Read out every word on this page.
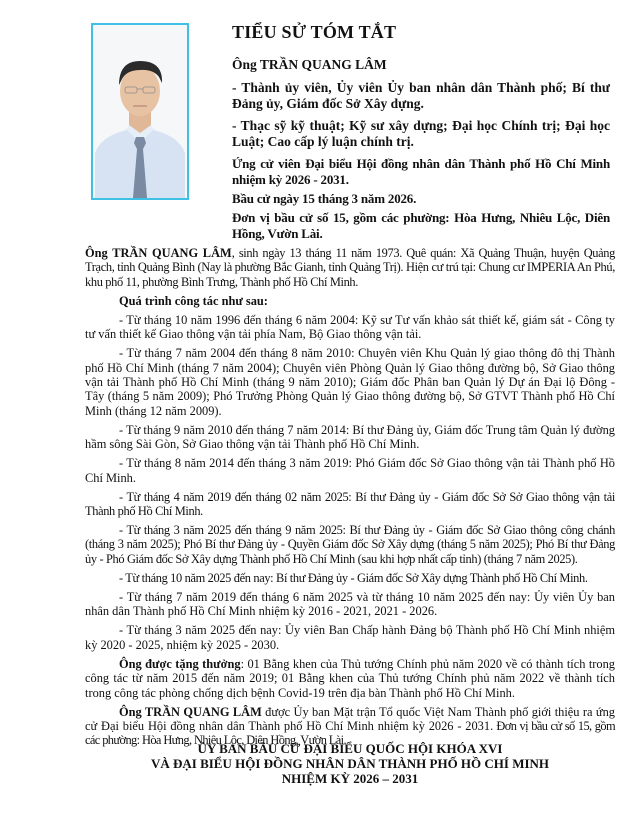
TIỂU SỬ TÓM TẮT
Ông TRẦN QUANG LÂM
- Thành ủy viên, Ủy viên Ủy ban nhân dân Thành phố; Bí thư Đảng ủy, Giám đốc Sở Xây dựng.
- Thạc sỹ kỹ thuật; Kỹ sư xây dựng; Đại học Chính trị; Đại học Luật; Cao cấp lý luận chính trị.
Ứng cử viên Đại biểu Hội đồng nhân dân Thành phố Hồ Chí Minh nhiệm kỳ 2026 - 2031.
Bầu cử ngày 15 tháng 3 năm 2026.
Đơn vị bầu cử số 15, gồm các phường: Hòa Hưng, Nhiêu Lộc, Diên Hồng, Vườn Lài.

Ông TRẦN QUANG LÂM, sinh ngày 13 tháng 11 năm 1973. Quê quán: Xã Quảng Thuận, huyện Quảng Trạch, tỉnh Quảng Bình (Nay là phường Bắc Gianh, tỉnh Quảng Trị). Hiện cư trú tại: Chung cư IMPERIA An Phú, khu phố 11, phường Bình Trưng, Thành phố Hồ Chí Minh.

Quá trình công tác như sau:

- Từ tháng 10 năm 1996 đến tháng 6 năm 2004: Kỹ sư Tư vấn khảo sát thiết kế, giám sát - Công ty tư vấn thiết kế Giao thông vận tải phía Nam, Bộ Giao thông vận tải.

- Từ tháng 7 năm 2004 đến tháng 8 năm 2010: Chuyên viên Khu Quản lý giao thông đô thị Thành phố Hồ Chí Minh (tháng 7 năm 2004); Chuyên viên Phòng Quản lý Giao thông đường bộ, Sở Giao thông vận tải Thành phố Hồ Chí Minh (tháng 9 năm 2010); Giám đốc Phân ban Quản lý Dự án Đại lộ Đông - Tây (tháng 5 năm 2009); Phó Trưởng Phòng Quản lý Giao thông đường bộ, Sở GTVT Thành phố Hồ Chí Minh (tháng 12 năm 2009).

- Từ tháng 9 năm 2010 đến tháng 7 năm 2014: Bí thư Đảng ủy, Giám đốc Trung tâm Quản lý đường hầm sông Sài Gòn, Sở Giao thông vận tải Thành phố Hồ Chí Minh.

- Từ tháng 8 năm 2014 đến tháng 3 năm 2019: Phó Giám đốc Sở Giao thông vận tải Thành phố Hồ Chí Minh.

- Từ tháng 4 năm 2019 đến tháng 02 năm 2025: Bí thư Đảng ủy - Giám đốc Sở Sở Giao thông vận tải Thành phố Hồ Chí Minh.

- Từ tháng 3 năm 2025 đến tháng 9 năm 2025: Bí thư Đảng ủy - Giám đốc Sở Giao thông công chánh (tháng 3 năm 2025); Phó Bí thư Đảng ủy - Quyền Giám đốc Sở Xây dựng (tháng 5 năm 2025); Phó Bí thư Đảng ủy - Phó Giám đốc Sở Xây dựng Thành phố Hồ Chí Minh (sau khi hợp nhất cấp tỉnh) (tháng 7 năm 2025).

- Từ tháng 10 năm 2025 đến nay: Bí thư Đảng ủy - Giám đốc Sở Xây dựng Thành phố Hồ Chí Minh.

- Từ tháng 7 năm 2019 đến tháng 6 năm 2025 và từ tháng 10 năm 2025 đến nay: Ủy viên Ủy ban nhân dân Thành phố Hồ Chí Minh nhiệm kỳ 2016 - 2021, 2021 - 2026.

- Từ tháng 3 năm 2025 đến nay: Ủy viên Ban Chấp hành Đảng bộ Thành phố Hồ Chí Minh nhiệm kỳ 2020 - 2025, nhiệm kỳ 2025 - 2030.

Ông được tặng thưởng: 01 Bằng khen của Thủ tướng Chính phủ năm 2020 về có thành tích trong công tác từ năm 2015 đến năm 2019; 01 Bằng khen của Thủ tướng Chính phủ năm 2022 về thành tích trong công tác phòng chống dịch bệnh Covid-19 trên địa bàn Thành phố Hồ Chí Minh.

Ông TRẦN QUANG LÂM được Ủy ban Mặt trận Tổ quốc Việt Nam Thành phố giới thiệu ra ứng cử Đại biểu Hội đồng nhân dân Thành phố Hồ Chí Minh nhiệm kỳ 2026 - 2031. Đơn vị bầu cử số 15, gồm các phường: Hòa Hưng, Nhiêu Lộc, Diên Hồng, Vườn Lài.

ỦY BAN BẦU CỬ ĐẠI BIỂU QUỐC HỘI KHÓA XVI
VÀ ĐẠI BIỂU HỘI ĐỒNG NHÂN DÂN THÀNH PHỐ HỒ CHÍ MINH
NHIỆM KỲ 2026 – 2031
